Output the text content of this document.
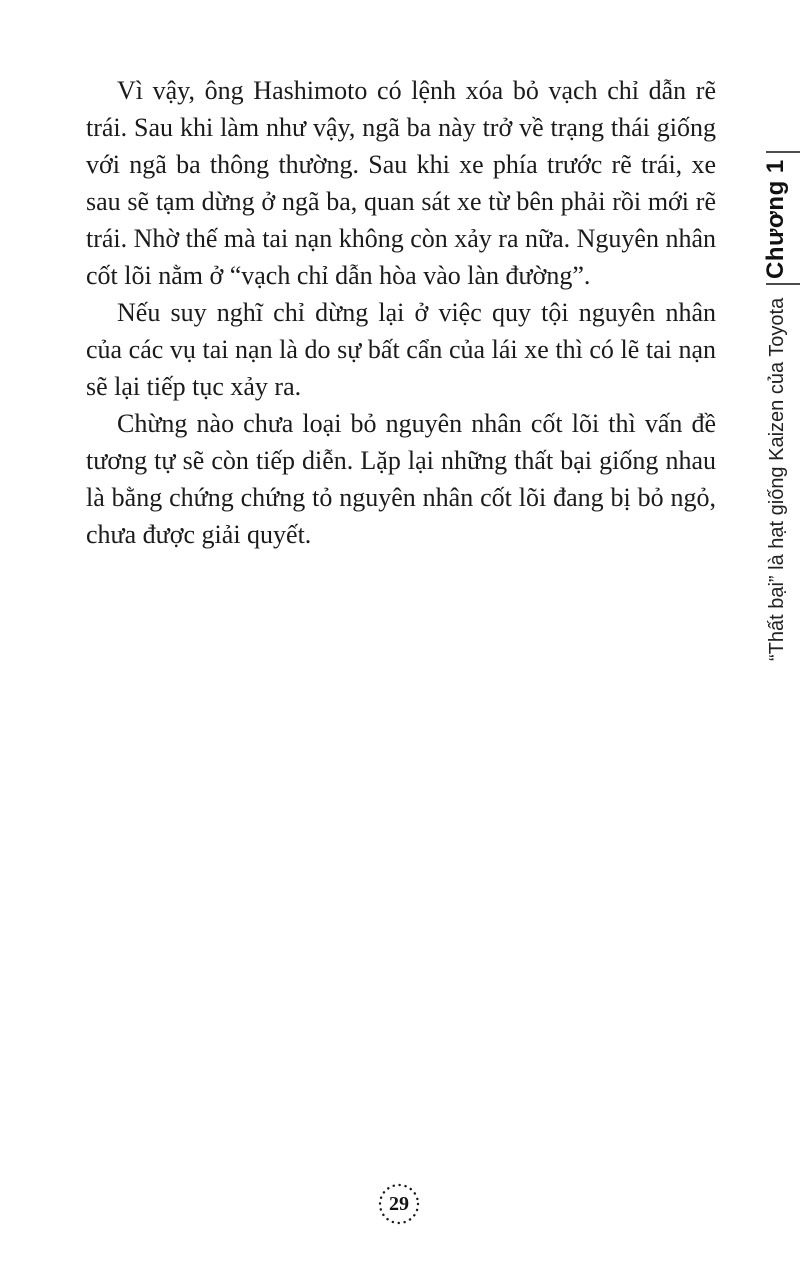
Vì vậy, ông Hashimoto có lệnh xóa bỏ vạch chỉ dẫn rẽ trái. Sau khi làm như vậy, ngã ba này trở về trạng thái giống với ngã ba thông thường. Sau khi xe phía trước rẽ trái, xe sau sẽ tạm dừng ở ngã ba, quan sát xe từ bên phải rồi mới rẽ trái. Nhờ thế mà tai nạn không còn xảy ra nữa. Nguyên nhân cốt lõi nằm ở “vạch chỉ dẫn hòa vào làn đường”.

Nếu suy nghĩ chỉ dừng lại ở việc quy tội nguyên nhân của các vụ tai nạn là do sự bất cẩn của lái xe thì có lẽ tai nạn sẽ lại tiếp tục xảy ra.

Chừng nào chưa loại bỏ nguyên nhân cốt lõi thì vấn đề tương tự sẽ còn tiếp diễn. Lặp lại những thất bại giống nhau là bằng chứng chứng tỏ nguyên nhân cốt lõi đang bị bỏ ngỏ, chưa được giải quyết.

Chương 1
“Thất bại” là hạt giống Kaizen của Toyota
29
